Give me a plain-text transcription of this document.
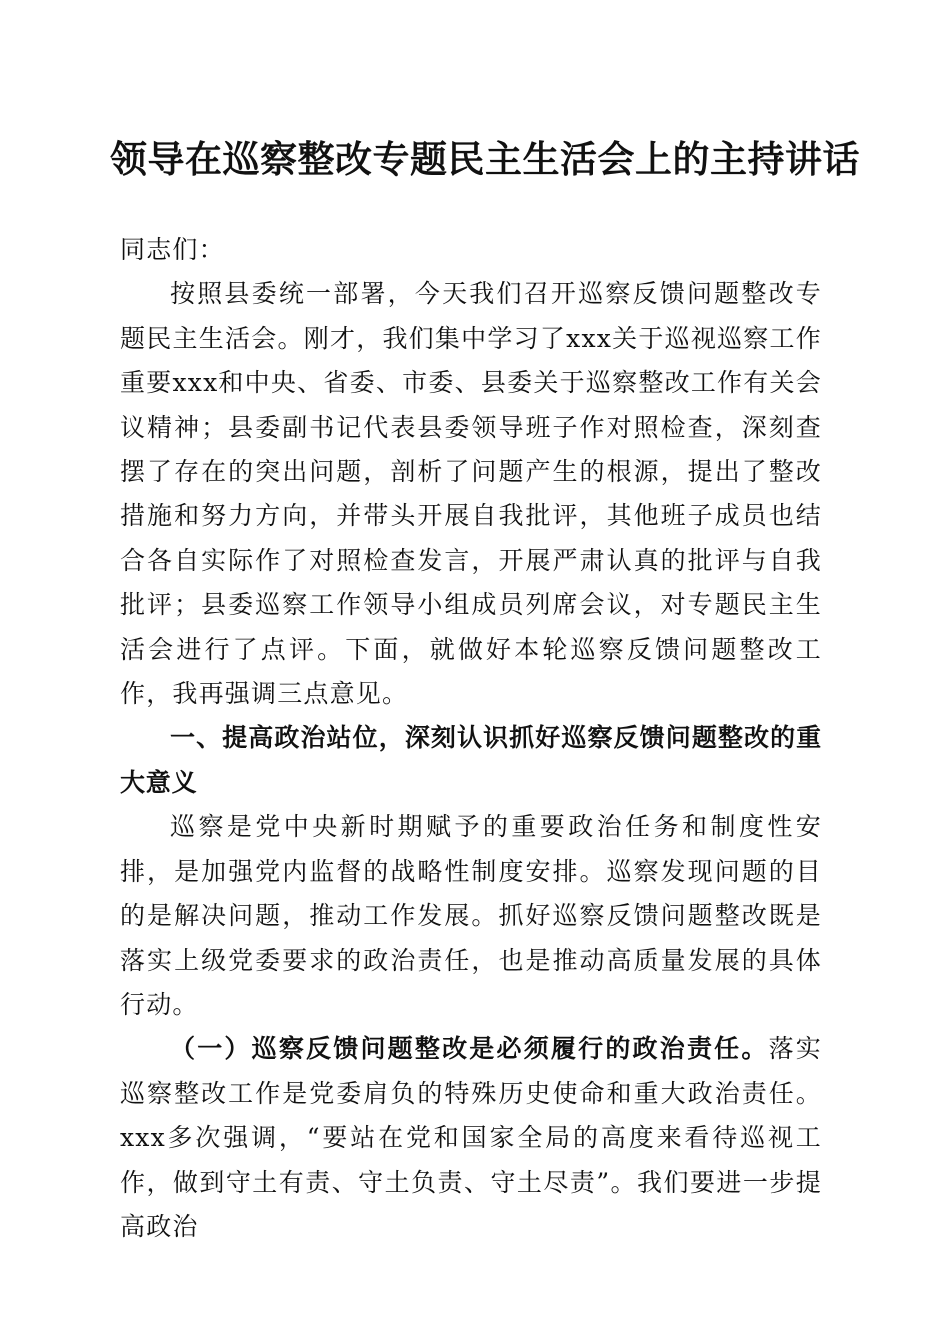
领导在巡察整改专题民主生活会上的主持讲话

同志们：

按照县委统一部署，今天我们召开巡察反馈问题整改专题民主生活会。刚才，我们集中学习了xxx关于巡视巡察工作重要xxx和中央、省委、市委、县委关于巡察整改工作有关会议精神；县委副书记代表县委领导班子作对照检查，深刻查摆了存在的突出问题，剖析了问题产生的根源，提出了整改措施和努力方向，并带头开展自我批评，其他班子成员也结合各自实际作了对照检查发言，开展严肃认真的批评与自我批评；县委巡察工作领导小组成员列席会议，对专题民主生活会进行了点评。下面，就做好本轮巡察反馈问题整改工作，我再强调三点意见。

一、提高政治站位，深刻认识抓好巡察反馈问题整改的重大意义

巡察是党中央新时期赋予的重要政治任务和制度性安排，是加强党内监督的战略性制度安排。巡察发现问题的目的是解决问题，推动工作发展。抓好巡察反馈问题整改既是落实上级党委要求的政治责任，也是推动高质量发展的具体行动。

（一）巡察反馈问题整改是必须履行的政治责任。落实巡察整改工作是党委肩负的特殊历史使命和重大政治责任。xxx多次强调，“要站在党和国家全局的高度来看待巡视工作，做到守土有责、守土负责、守土尽责”。我们要进一步提高政治
